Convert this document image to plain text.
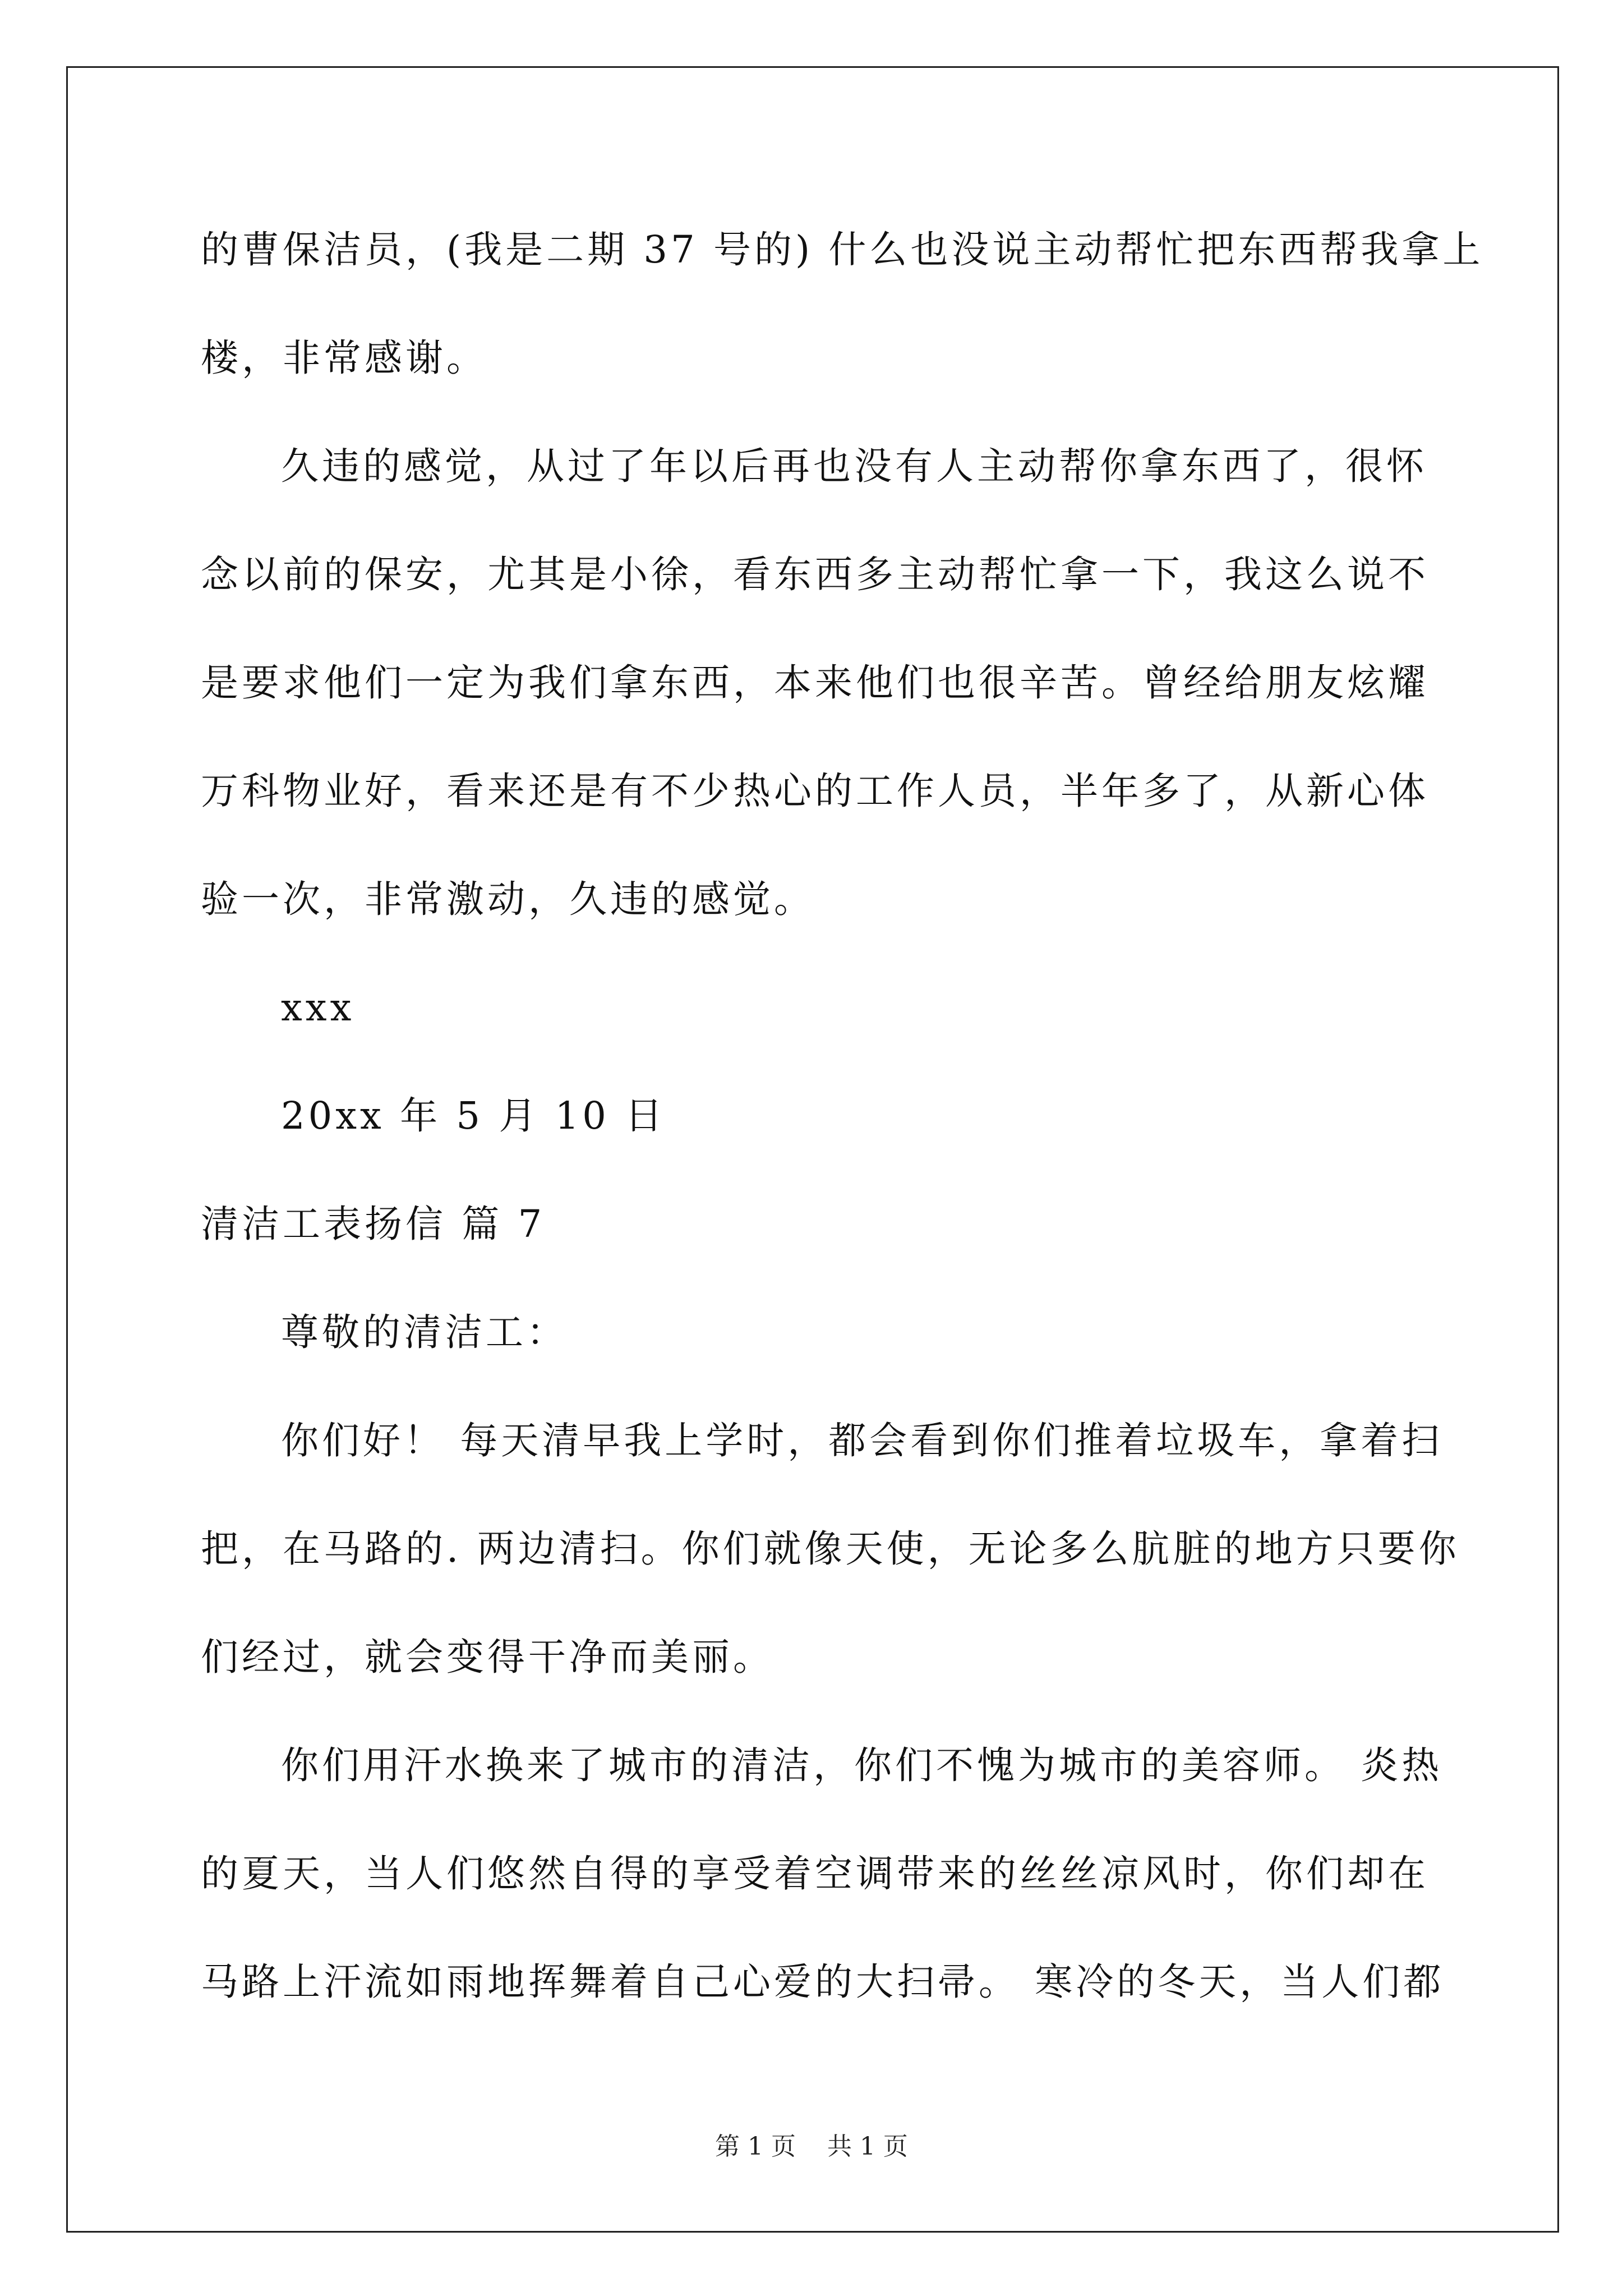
的曹保洁员，(我是二期 37 号的) 什么也没说主动帮忙把东西帮我拿上
楼，非常感谢。
久违的感觉，从过了年以后再也没有人主动帮你拿东西了，很怀
念以前的保安，尤其是小徐，看东西多主动帮忙拿一下，我这么说不
是要求他们一定为我们拿东西，本来他们也很辛苦。曾经给朋友炫耀
万科物业好，看来还是有不少热心的工作人员，半年多了，从新心体
验一次，非常激动，久违的感觉。
xxx
20xx 年 5 月 10 日
清洁工表扬信 篇 7
尊敬的清洁工：
你们好！ 每天清早我上学时，都会看到你们推着垃圾车，拿着扫
把，在马路的. 两边清扫。你们就像天使，无论多么肮脏的地方只要你
们经过，就会变得干净而美丽。
你们用汗水换来了城市的清洁，你们不愧为城市的美容师。 炎热
的夏天，当人们悠然自得的享受着空调带来的丝丝凉风时，你们却在
马路上汗流如雨地挥舞着自己心爱的大扫帚。 寒冷的冬天，当人们都
第 1 页    共 1 页
